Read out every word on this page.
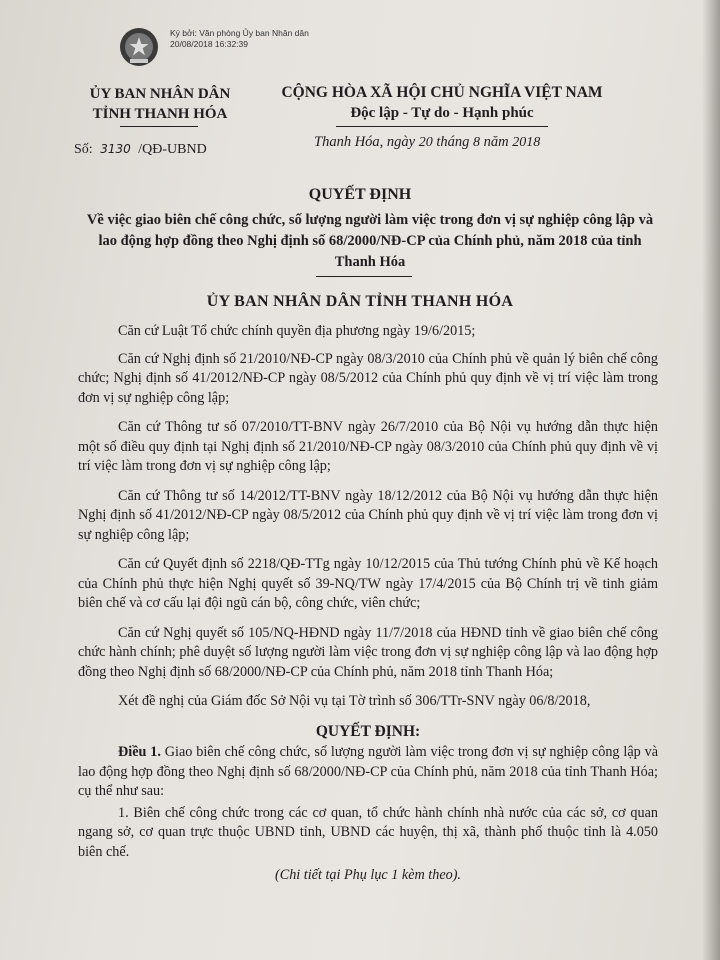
Ký bởi: Văn phòng Ủy ban Nhân dân
20/08/2018 16:32:39
ỦY BAN NHÂN DÂN
TỈNH THANH HÓA
CỘNG HÒA XÃ HỘI CHỦ NGHĨA VIỆT NAM
Độc lập - Tự do - Hạnh phúc
Số: 3130 /QĐ-UBND	Thanh Hóa, ngày 20 tháng 8 năm 2018
QUYẾT ĐỊNH
Về việc giao biên chế công chức, số lượng người làm việc trong đơn vị sự nghiệp công lập và lao động hợp đồng theo Nghị định số 68/2000/NĐ-CP của Chính phủ, năm 2018 của tỉnh Thanh Hóa
ỦY BAN NHÂN DÂN TỈNH THANH HÓA

Căn cứ Luật Tổ chức chính quyền địa phương ngày 19/6/2015;

Căn cứ Nghị định số 21/2010/NĐ-CP ngày 08/3/2010 của Chính phủ về quản lý biên chế công chức; Nghị định số 41/2012/NĐ-CP ngày 08/5/2012 của Chính phủ quy định về vị trí việc làm trong đơn vị sự nghiệp công lập;

Căn cứ Thông tư số 07/2010/TT-BNV ngày 26/7/2010 của Bộ Nội vụ hướng dẫn thực hiện một số điều quy định tại Nghị định số 21/2010/NĐ-CP ngày 08/3/2010 của Chính phủ quy định về vị trí việc làm trong đơn vị sự nghiệp công lập;

Căn cứ Thông tư số 14/2012/TT-BNV ngày 18/12/2012 của Bộ Nội vụ hướng dẫn thực hiện Nghị định số 41/2012/NĐ-CP ngày 08/5/2012 của Chính phủ quy định về vị trí việc làm trong đơn vị sự nghiệp công lập;

Căn cứ Quyết định số 2218/QĐ-TTg ngày 10/12/2015 của Thủ tướng Chính phủ về Kế hoạch của Chính phủ thực hiện Nghị quyết số 39-NQ/TW ngày 17/4/2015 của Bộ Chính trị về tinh giảm biên chế và cơ cấu lại đội ngũ cán bộ, công chức, viên chức;

Căn cứ Nghị quyết số 105/NQ-HĐND ngày 11/7/2018 của HĐND tỉnh về giao biên chế công chức hành chính; phê duyệt số lượng người làm việc trong đơn vị sự nghiệp công lập và lao động hợp đồng theo Nghị định số 68/2000/NĐ-CP của Chính phủ, năm 2018 tỉnh Thanh Hóa;

Xét đề nghị của Giám đốc Sở Nội vụ tại Tờ trình số 306/TTr-SNV ngày 06/8/2018,

QUYẾT ĐỊNH:

Điều 1. Giao biên chế công chức, số lượng người làm việc trong đơn vị sự nghiệp công lập và lao động hợp đồng theo Nghị định số 68/2000/NĐ-CP của Chính phủ, năm 2018 của tỉnh Thanh Hóa; cụ thể như sau:

1. Biên chế công chức trong các cơ quan, tổ chức hành chính nhà nước của các sở, cơ quan ngang sở, cơ quan trực thuộc UBND tỉnh, UBND các huyện, thị xã, thành phố thuộc tỉnh là 4.050 biên chế.

(Chi tiết tại Phụ lục 1 kèm theo).
